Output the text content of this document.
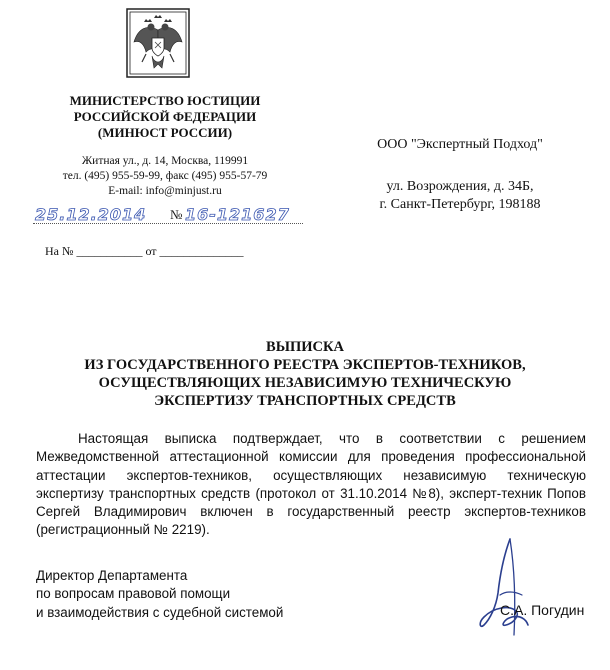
МИНИСТЕРСТВО ЮСТИЦИИ
РОССИЙСКОЙ ФЕДЕРАЦИИ
(МИНЮСТ РОССИИ)
Житная ул., д. 14, Москва, 119991
тел. (495) 955-59-99, факс (495) 955-57-79
E-mail: info@minjust.ru
ООО "Экспертный Подход"
ул. Возрождения, д. 34Б,
г. Санкт-Петербург, 198188
25.12.2014 № 16-121627
На № ___________ от ______________
ВЫПИСКА
ИЗ ГОСУДАРСТВЕННОГО РЕЕСТРА ЭКСПЕРТОВ-ТЕХНИКОВ,
ОСУЩЕСТВЛЯЮЩИХ НЕЗАВИСИМУЮ ТЕХНИЧЕСКУЮ
ЭКСПЕРТИЗУ ТРАНСПОРТНЫХ СРЕДСТВ

Настоящая выписка подтверждает, что в соответствии с решением Межведомственной аттестационной комиссии для проведения профессиональной аттестации экспертов-техников, осуществляющих независимую техническую экспертизу транспортных средств (протокол от 31.10.2014 №8), эксперт-техник Попов Сергей Владимирович включен в государственный реестр экспертов-техников (регистрационный № 2219).

Директор Департамента
по вопросам правовой помощи
и взаимодействия с судебной системой	С.А. Погудин
